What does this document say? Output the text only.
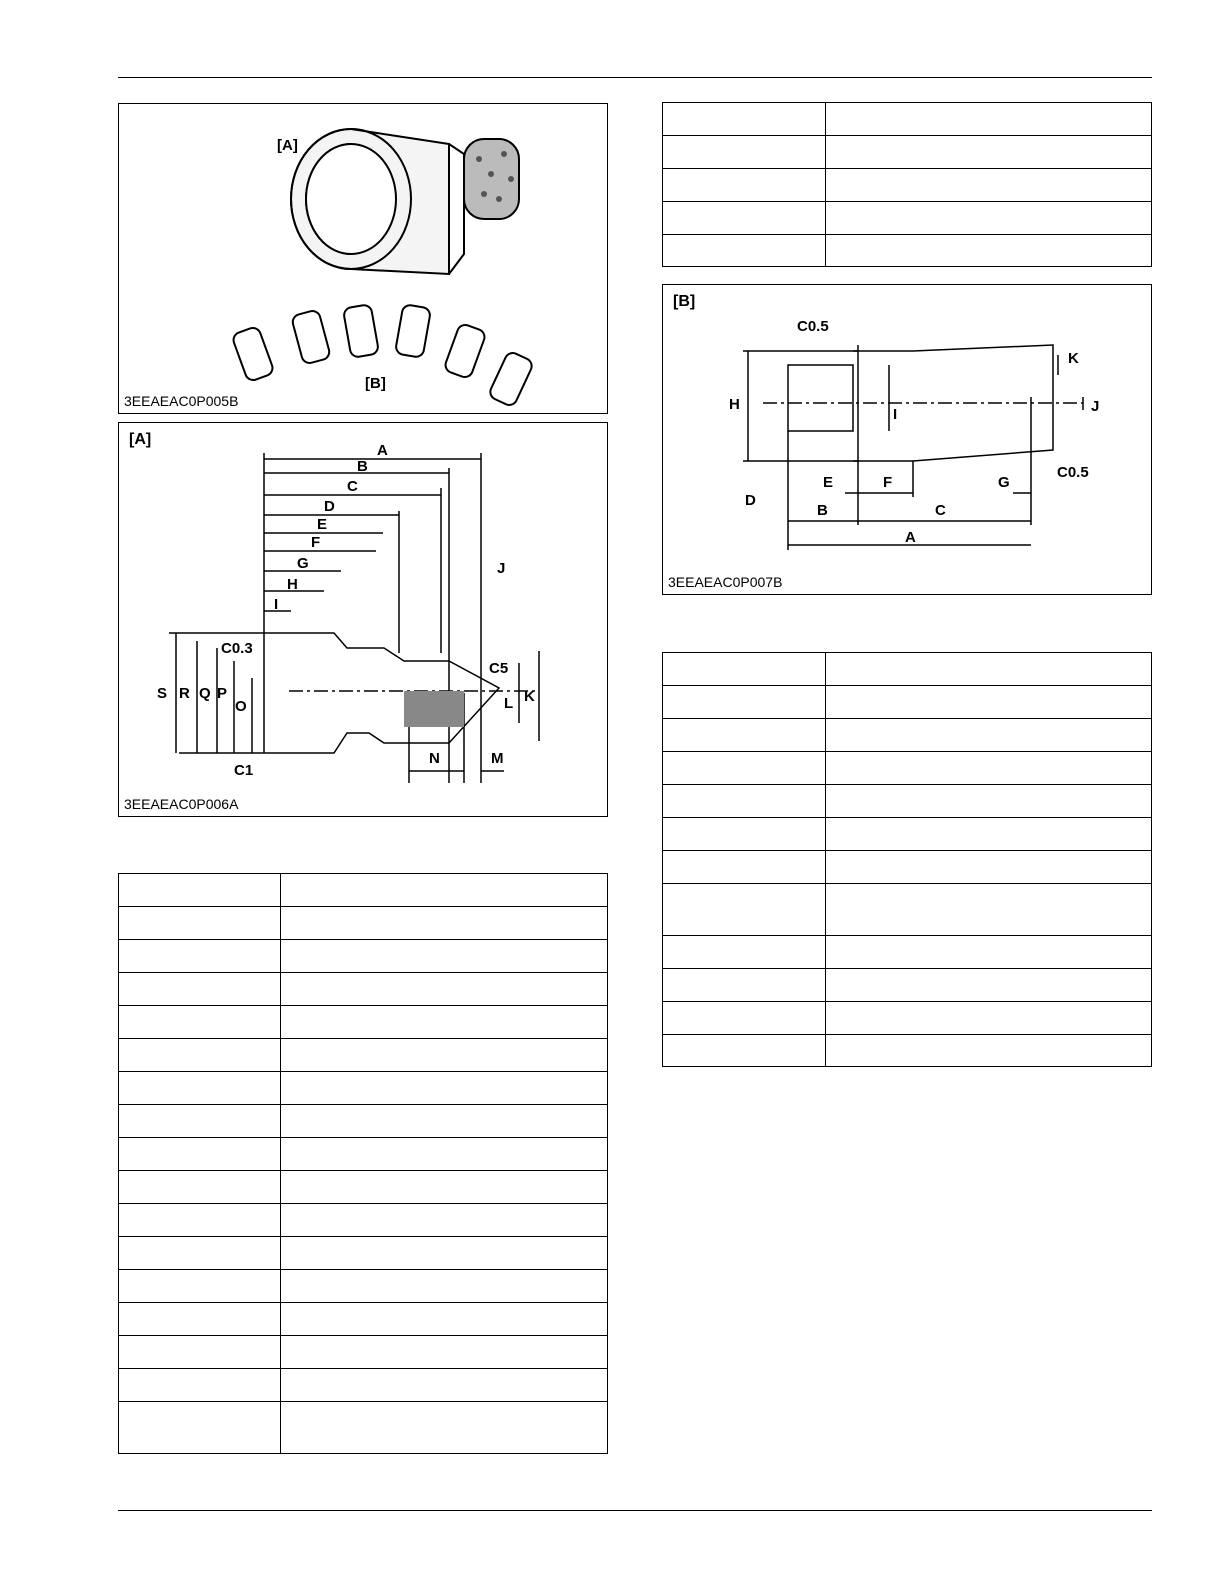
[A]
[B]
3EEAEAC0P005B
A
B
C
D
E
F
G
H
I
J
K
L
M
N
O
P
Q
R
S
C0.3
C5
C1
[A]
3EEAEAC0P006A
A
B	C
D
E	F	G
H
I	J
K
C0.5
C0.5
[B]
3EEAEAC0P007B
